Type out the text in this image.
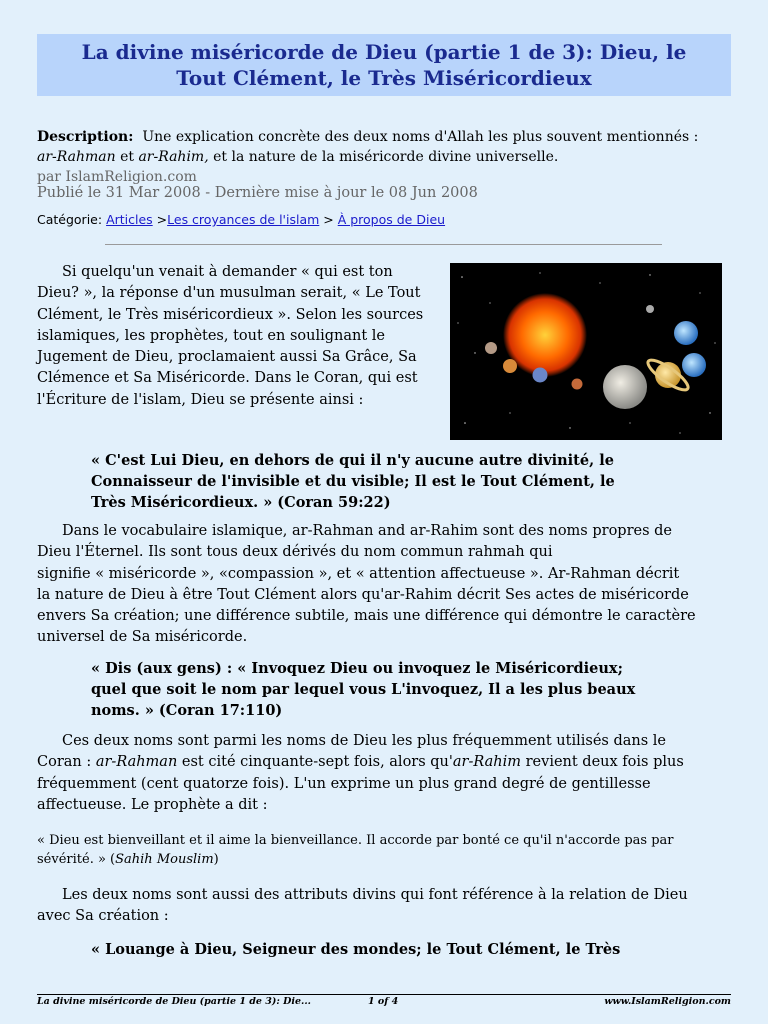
La divine miséricorde de Dieu (partie 1 de 3): Dieu, le Tout Clément, le Très Miséricordieux
Description: Une explication concrète des deux noms d'Allah les plus souvent mentionnés :
ar-Rahman et ar-Rahim, et la nature de la miséricorde divine universelle.
par IslamReligion.com
Publié le 31 Mar 2008 - Dernière mise à jour le 08 Jun 2008
Catégorie: Articles >Les croyances de l'islam > À propos de Dieu
Si quelqu'un venait à demander « qui est ton
Dieu? », la réponse d'un musulman serait, « Le Tout
Clément, le Très miséricordieux ». Selon les sources
islamiques, les prophètes, tout en soulignant le
Jugement de Dieu, proclamaient aussi Sa Grâce, Sa
Clémence et Sa Miséricorde. Dans le Coran, qui est
l'Écriture de l'islam, Dieu se présente ainsi :
« C'est Lui Dieu, en dehors de qui il n'y aucune autre divinité, le
Connaisseur de l'invisible et du visible; Il est le Tout Clément, le
Très Miséricordieux. » (Coran 59:22)
Dans le vocabulaire islamique, ar-Rahman and ar-Rahim sont des noms propres de
Dieu l'Éternel. Ils sont tous deux dérivés du nom commun rahmah qui
signifie « miséricorde », «compassion », et « attention affectueuse ». Ar-Rahman décrit
la nature de Dieu à être Tout Clément alors qu'ar-Rahim décrit Ses actes de miséricorde
envers Sa création; une différence subtile, mais une différence qui démontre le caractère
universel de Sa miséricorde.
« Dis (aux gens) : « Invoquez Dieu ou invoquez le Miséricordieux;
quel que soit le nom par lequel vous L'invoquez, Il a les plus beaux
noms. » (Coran 17:110)
Ces deux noms sont parmi les noms de Dieu les plus fréquemment utilisés dans le
Coran : ar-Rahman est cité cinquante-sept fois, alors qu'ar-Rahim revient deux fois plus
fréquemment (cent quatorze fois). L'un exprime un plus grand degré de gentillesse
affectueuse. Le prophète a dit :
« Dieu est bienveillant et il aime la bienveillance. Il accorde par bonté ce qu'il n'accorde pas par
sévérité. » (Sahih Mouslim)
Les deux noms sont aussi des attributs divins qui font référence à la relation de Dieu
avec Sa création :
« Louange à Dieu, Seigneur des mondes; le Tout Clément, le Très
La divine miséricorde de Dieu (partie 1 de 3): Die...	1 of 4	www.IslamReligion.com
